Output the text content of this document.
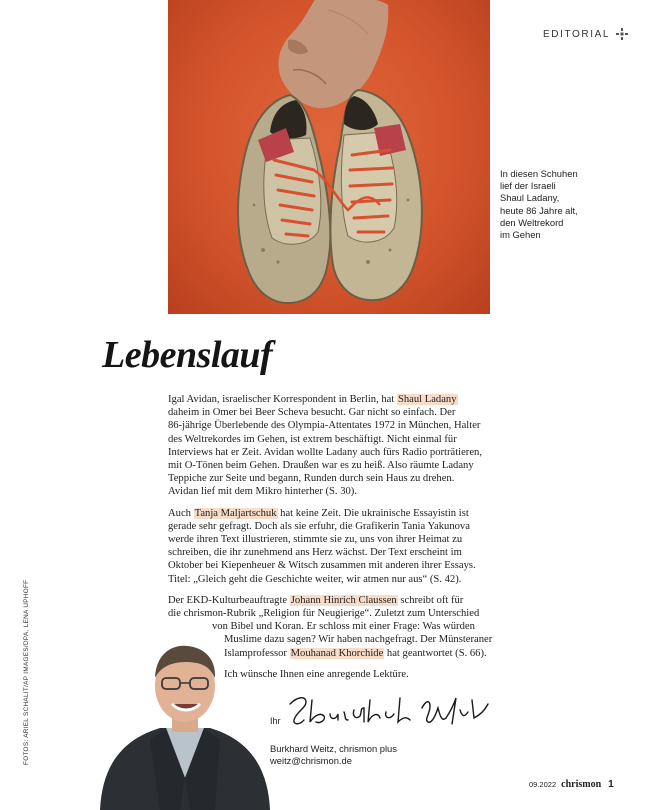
EDITORIAL
In diesen Schuhen
lief der Israeli
Shaul Ladany,
heute 86 Jahre alt,
den Weltrekord
im Gehen
Lebenslauf

Igal Avidan, israelischer Korrespondent in Berlin, hat Shaul Ladany
daheim in Omer bei Beer Scheva besucht. Gar nicht so einfach. Der
86-jährige Überlebende des Olympia-Attentates 1972 in München, Halter
des Weltrekordes im Gehen, ist extrem beschäftigt. Nicht einmal für
Interviews hat er Zeit. Avidan wollte Ladany auch fürs Radio porträtieren,
mit O-Tönen beim Gehen. Draußen war es zu heiß. Also räumte Ladany
Teppiche zur Seite und begann, Runden durch sein Haus zu drehen.
Avidan lief mit dem Mikro hinterher (S. 30).

Auch Tanja Maljartschuk hat keine Zeit. Die ukrainische Essayistin ist
gerade sehr gefragt. Doch als sie erfuhr, die Grafikerin Tania Yakunova
werde ihren Text illustrieren, stimmte sie zu, uns von ihrer Heimat zu
schreiben, die ihr zunehmend ans Herz wächst. Der Text erscheint im
Oktober bei Kiepenheuer & Witsch zusammen mit anderen ihrer Essays.
Titel: „Gleich geht die Geschichte weiter, wir atmen nur aus“ (S. 42).

Der EKD-Kulturbeauftragte Johann Hinrich Claussen schreibt oft für
die chrismon-Rubrik „Religion für Neugierige“. Zuletzt zum Unterschied
von Bibel und Koran. Er schloss mit einer Frage: Was würden
Muslime dazu sagen? Wir haben nachgefragt. Der Münsteraner
Islamprofessor Mouhanad Khorchide hat geantwortet (S. 66).

Ich wünsche Ihnen eine anregende Lektüre.
Ihr
Burkhard Weitz, chrismon plus
weitz@chrismon.de
FOTOS: ARIEL SCHALIT/AP IMAGES/DPA, LENA UPHOFF
09.2022 chrismon 1
